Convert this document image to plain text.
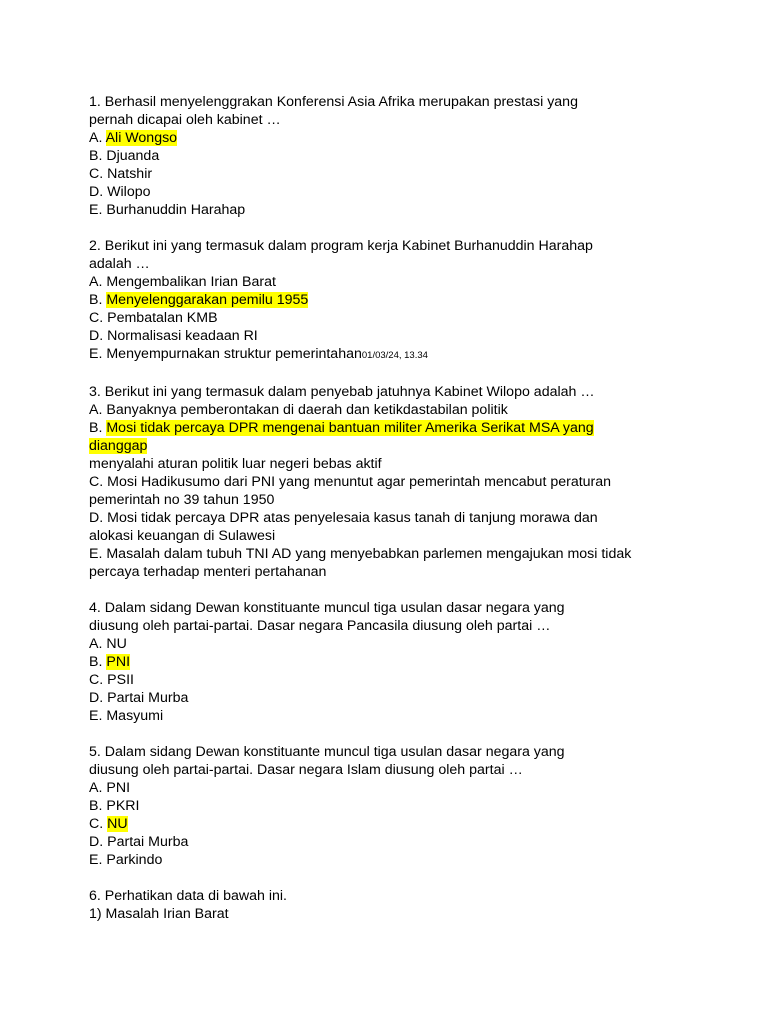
1. Berhasil menyelenggrakan Konferensi Asia Afrika merupakan prestasi yang
pernah dicapai oleh kabinet …
A. Ali Wongso
B. Djuanda
C. Natshir
D. Wilopo
E. Burhanuddin Harahap
2. Berikut ini yang termasuk dalam program kerja Kabinet Burhanuddin Harahap
adalah …
A. Mengembalikan Irian Barat
B. Menyelenggarakan pemilu 1955
C. Pembatalan KMB
D. Normalisasi keadaan RI
E. Menyempurnakan struktur pemerintahan01/03/24, 13.34
3. Berikut ini yang termasuk dalam penyebab jatuhnya Kabinet Wilopo adalah …
A. Banyaknya pemberontakan di daerah dan ketikdastabilan politik
B. Mosi tidak percaya DPR mengenai bantuan militer Amerika Serikat MSA yang
dianggap
menyalahi aturan politik luar negeri bebas aktif
C. Mosi Hadikusumo dari PNI yang menuntut agar pemerintah mencabut peraturan
pemerintah no 39 tahun 1950
D. Mosi tidak percaya DPR atas penyelesaia kasus tanah di tanjung morawa dan
alokasi keuangan di Sulawesi
E. Masalah dalam tubuh TNI AD yang menyebabkan parlemen mengajukan mosi tidak
percaya terhadap menteri pertahanan
4. Dalam sidang Dewan konstituante muncul tiga usulan dasar negara yang
diusung oleh partai-partai. Dasar negara Pancasila diusung oleh partai …
A. NU
B. PNI
C. PSII
D. Partai Murba
E. Masyumi
5. Dalam sidang Dewan konstituante muncul tiga usulan dasar negara yang
diusung oleh partai-partai. Dasar negara Islam diusung oleh partai …
A. PNI
B. PKRI
C. NU
D. Partai Murba
E. Parkindo
6. Perhatikan data di bawah ini.
1) Masalah Irian Barat
